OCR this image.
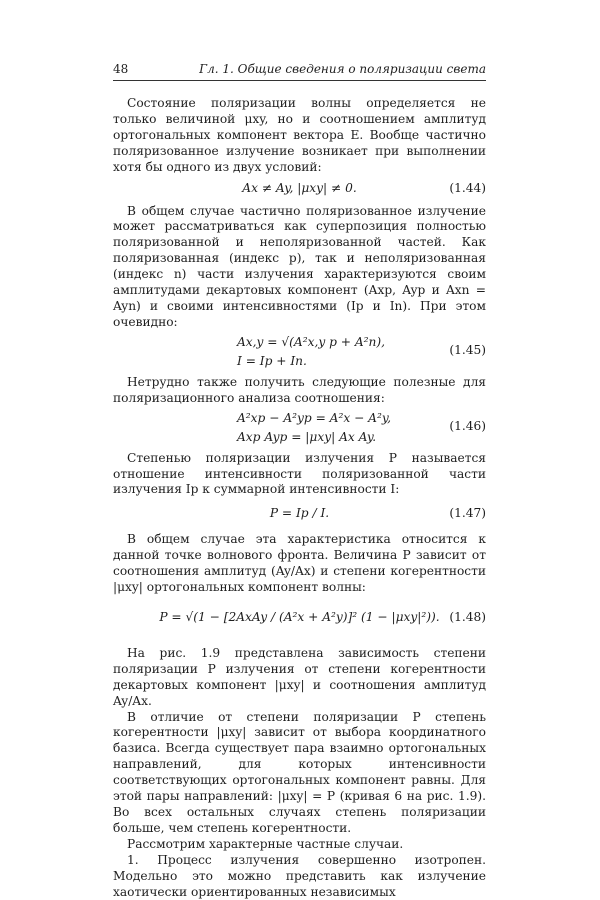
48	Гл. 1. Общие сведения о поляризации света

Состояние поляризации волны определяется не только величиной μxy, но и соотношением амплитуд ортогональных компонент вектора E. Вообще частично поляризованное излучение возникает при выполнении хотя бы одного из двух условий:

Ax ≠ Ay, |μxy| ≠ 0.	(1.44)

В общем случае частично поляризованное излучение может рассматриваться как суперпозиция полностью поляризованной и неполяризованной частей. Как поляризованная (индекс p), так и неполяризованная (индекс n) части излучения характеризуются своим амплитудами декартовых компонент (Axp, Ayp и Axn = Ayn) и своими интенсивностями (Ip и In). При этом очевидно:

Ax,y = √(A²x,y p + A²n),
I = Ip + In.
(1.45)

Нетрудно также получить следующие полезные для поляризационного анализа соотношения:

A²xp − A²yp = A²x − A²y,
Axp Ayp = |μxy| Ax Ay.
(1.46)

Степенью поляризации излучения P называется отношение интенсивности поляризованной части излучения Ip к суммарной интенсивности I:

P = Ip / I.	(1.47)

В общем случае эта характеристика относится к данной точке волнового фронта. Величина P зависит от соотношения амплитуд (Ay/Ax) и степени когерентности |μxy| ортогональных компонент волны:

P = √(1 − [2AxAy / (A²x + A²y)]² (1 − |μxy|²)). (1.48)

На рис. 1.9 представлена зависимость степени поляризации P излучения от степени когерентности декартовых компонент |μxy| и соотношения амплитуд Ay/Ax.

В отличие от степени поляризации P степень когерентности |μxy| зависит от выбора координатного базиса. Всегда существует пара взаимно ортогональных направлений, для которых интенсивности соответствующих ортогональных компонент равны. Для этой пары направлений: |μxy| = P (кривая 6 на рис. 1.9). Во всех остальных случаях степень поляризации больше, чем степень когерентности.

Рассмотрим характерные частные случаи.

1. Процесс излучения совершенно изотропен. Модельно это можно представить как излучение хаотически ориентированных независимых
